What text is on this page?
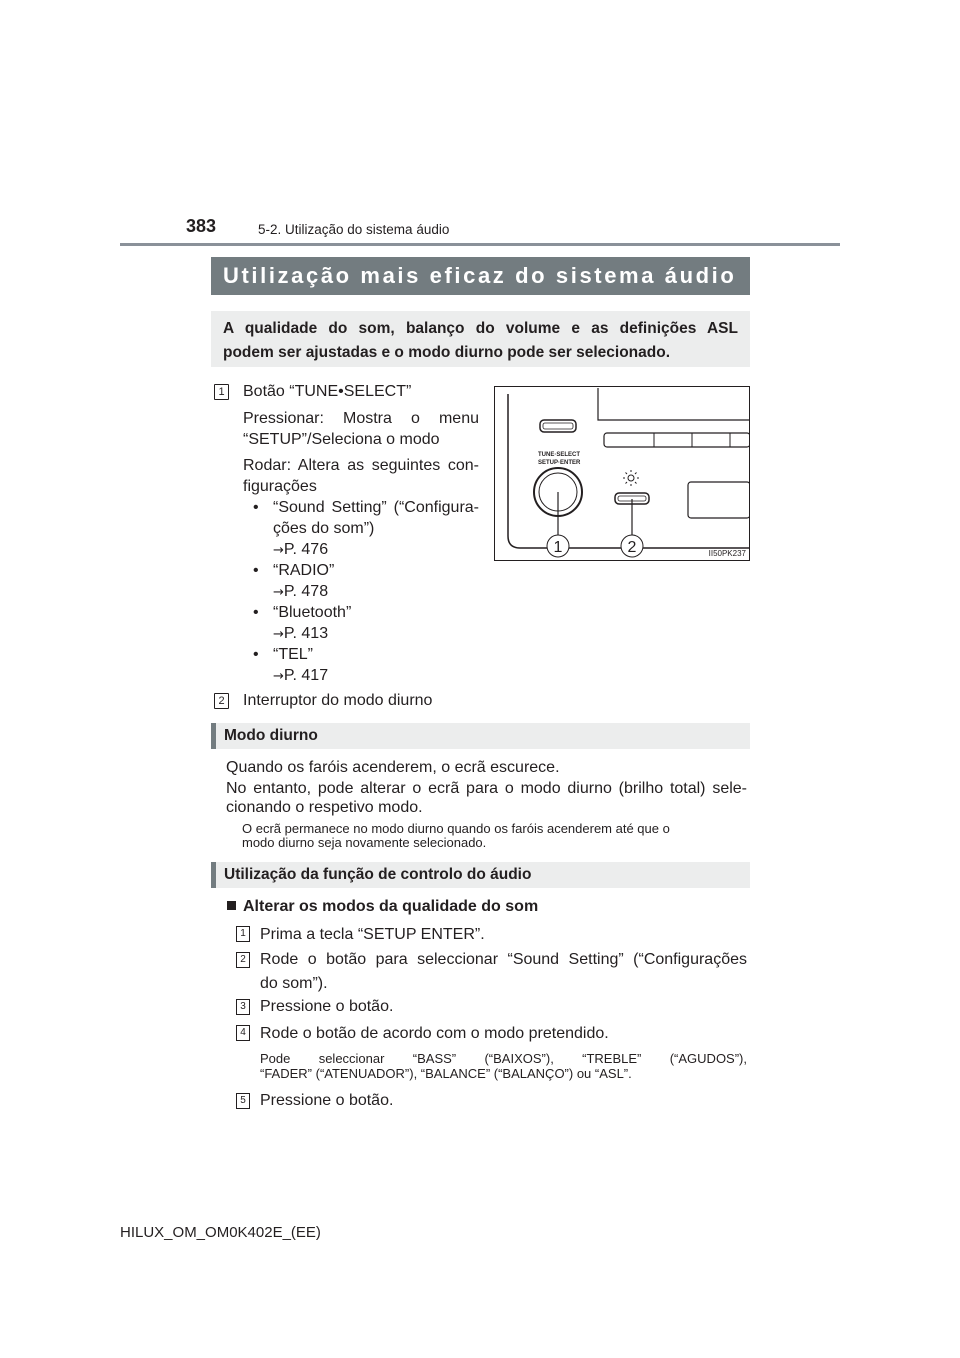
383	5-2. Utilização do sistema áudio
Utilização mais eficaz do sistema áudio
A qualidade do som, balanço do volume e as definições ASL
podem ser ajustadas e o modo diurno pode ser selecionado.
1 Botão “TUNE•SELECT”
Pressionar: Mostra o menu
“SETUP”/Seleciona o modo
Rodar: Altera as seguintes con-
figurações
• “Sound Setting” (“Configura-
ções do som”)
→P. 476
• “RADIO”
→P. 478
• “Bluetooth”
→P. 413
• “TEL”
→P. 417
2 Interruptor do modo diurno
TUNE·SELECT
SETUP·ENTER
1	2	II50PK237
Modo diurno
Quando os faróis acenderem, o ecrã escurece.
No entanto, pode alterar o ecrã para o modo diurno (brilho total) sele-
cionando o respetivo modo.
O ecrã permanece no modo diurno quando os faróis acenderem até que o
modo diurno seja novamente selecionado.
Utilização da função de controlo do áudio
Alterar os modos da qualidade do som
1 Prima a tecla “SETUP ENTER”.
2 Rode o botão para seleccionar “Sound Setting” (“Configurações
do som”).
3 Pressione o botão.
4 Rode o botão de acordo com o modo pretendido.
Pode seleccionar “BASS” (“BAIXOS”), “TREBLE” (“AGUDOS”),
“FADER” (“ATENUADOR”), “BALANCE” (“BALANÇO”) ou “ASL”.
5 Pressione o botão.
HILUX_OM_OM0K402E_(EE)
